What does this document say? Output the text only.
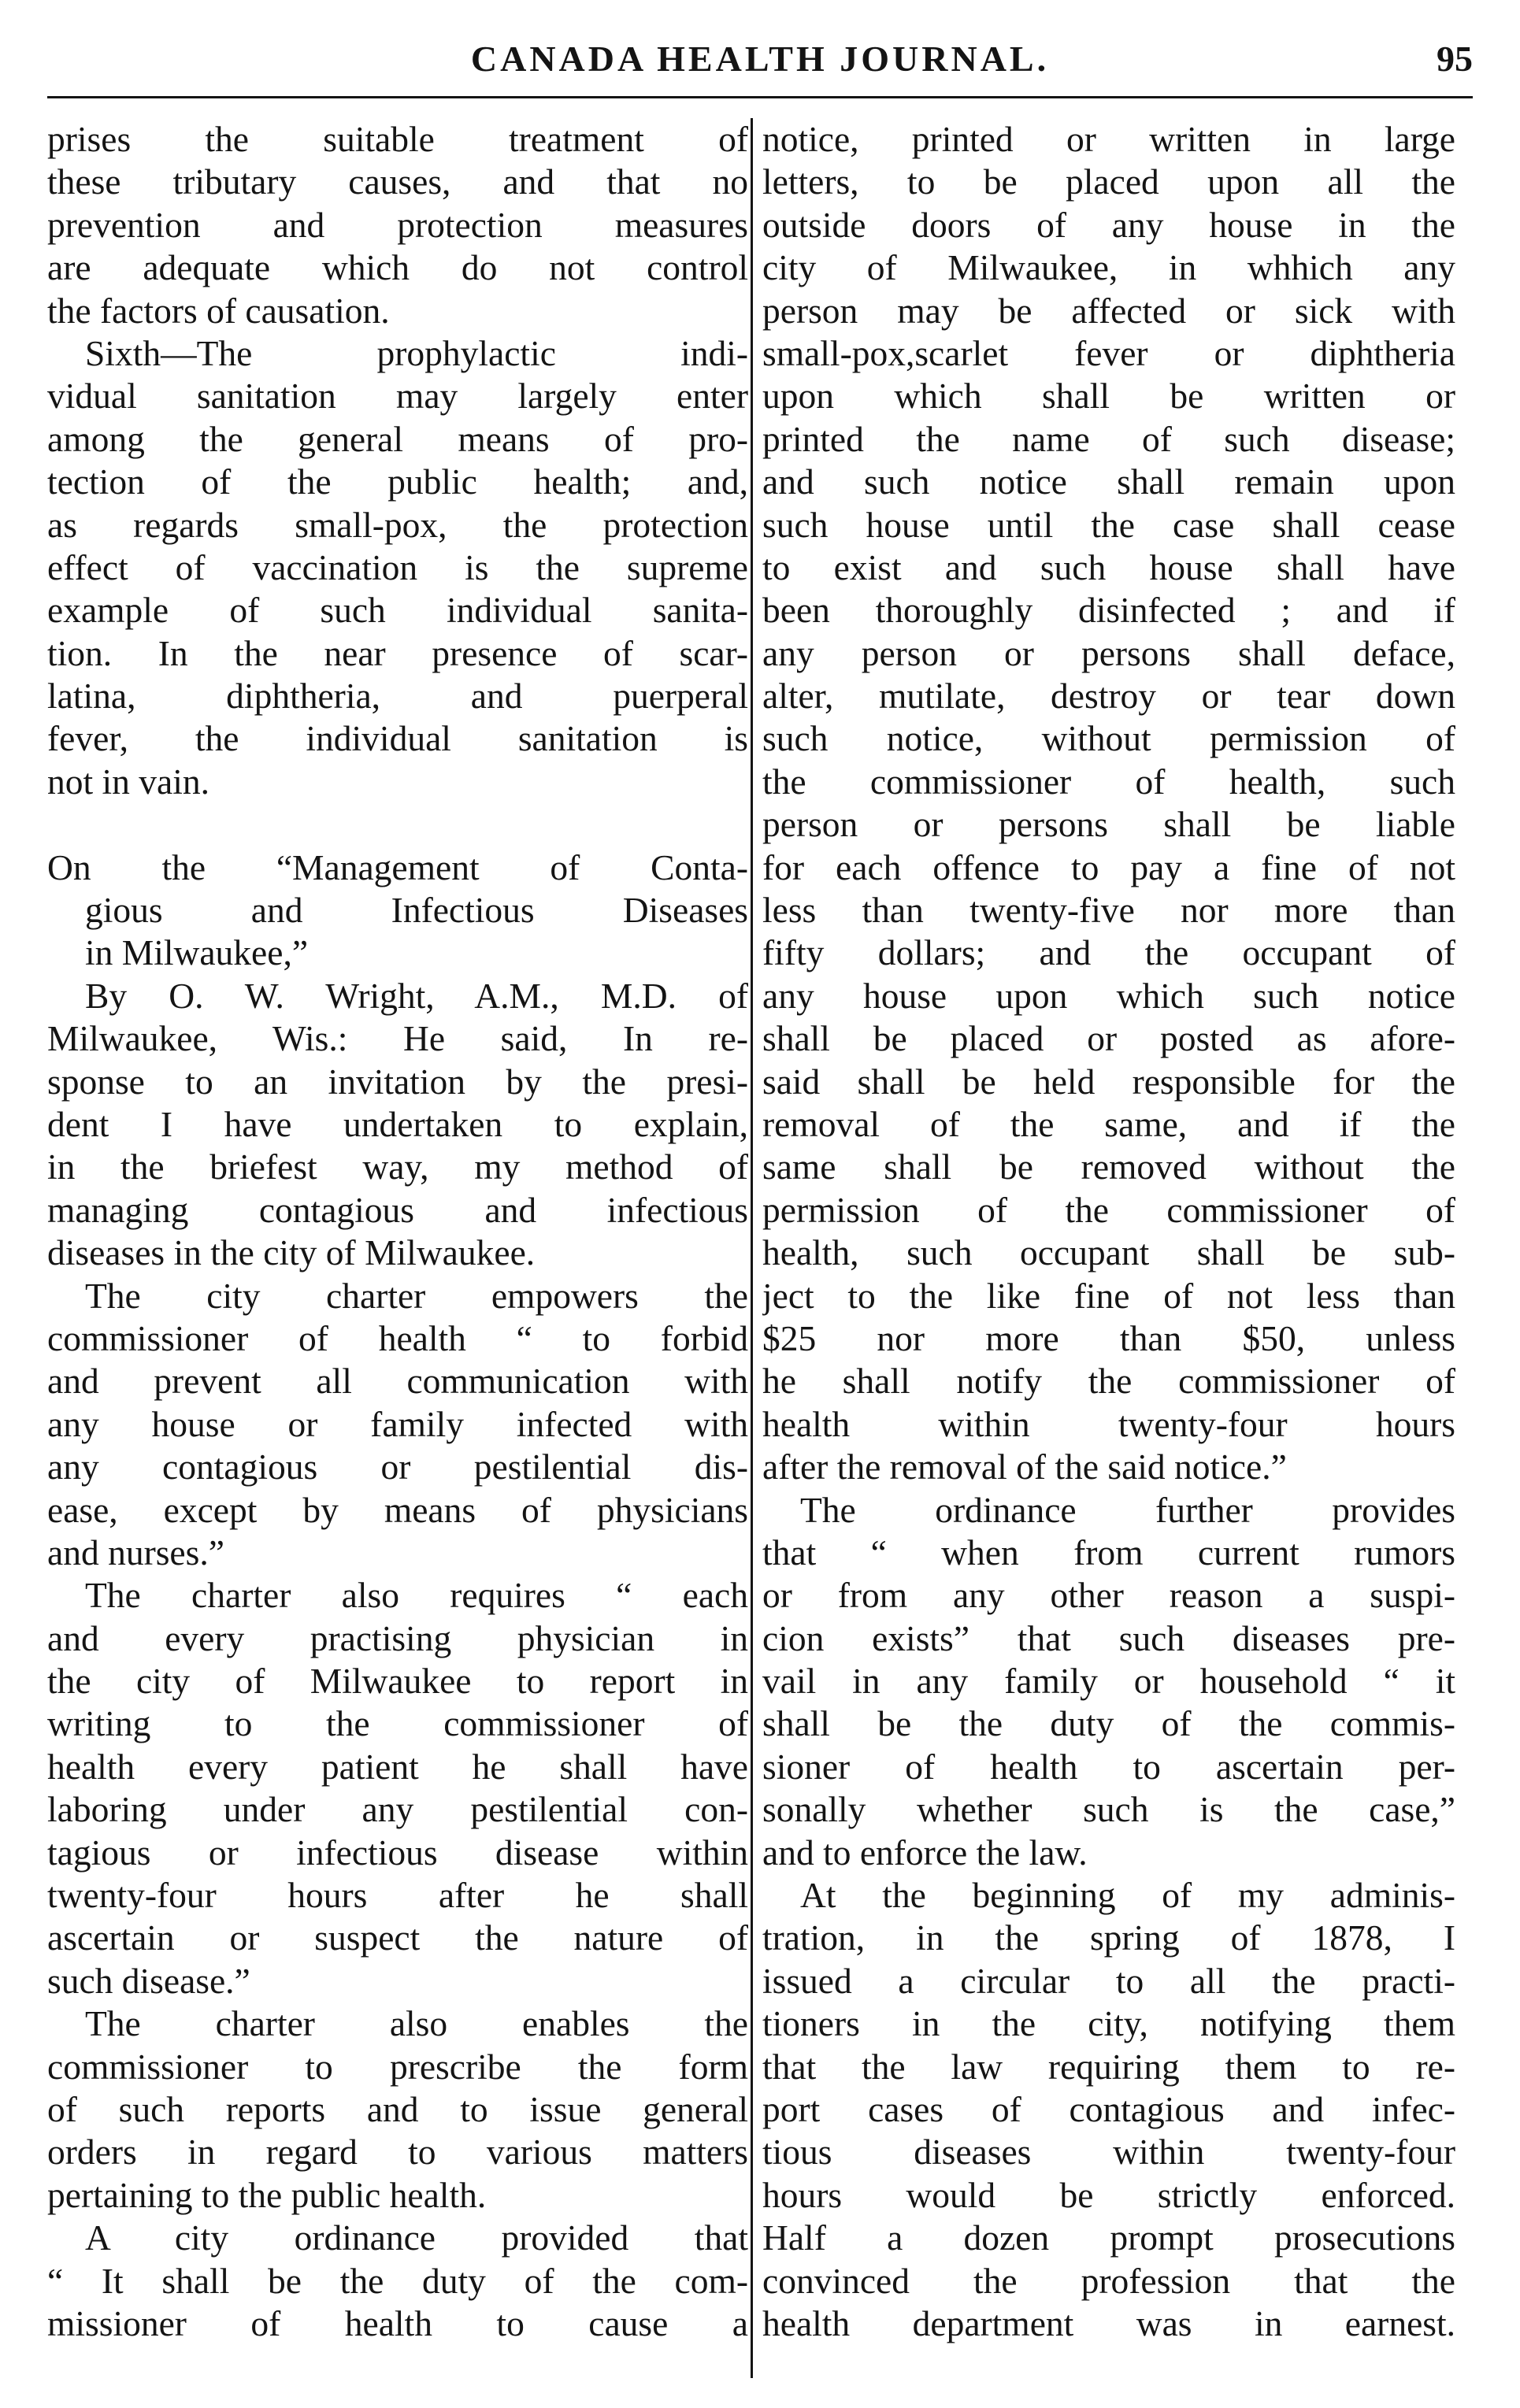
CANADA HEALTH JOURNAL.	95
prises the suitable treatment of
these tributary causes, and that no
prevention and protection measures
are adequate which do not control
the factors of causation.
Sixth—The prophylactic indi-
vidual sanitation may largely enter
among the general means of pro-
tection of the public health; and,
as regards small-pox, the protection
effect of vaccination is the supreme
example of such individual sanita-
tion. In the near presence of scar-
latina, diphtheria, and puerperal
fever, the individual sanitation is
not in vain.
On the “Management of Conta-
gious and Infectious Diseases
in Milwaukee,”
By O. W. Wright, A.M., M.D. of
Milwaukee, Wis.: He said, In re-
sponse to an invitation by the presi-
dent I have undertaken to explain,
in the briefest way, my method of
managing contagious and infectious
diseases in the city of Milwaukee.
The city charter empowers the
commissioner of health “ to forbid
and prevent all communication with
any house or family infected with
any contagious or pestilential dis-
ease, except by means of physicians
and nurses.”
The charter also requires “ each
and every practising physician in
the city of Milwaukee to report in
writing to the commissioner of
health every patient he shall have
laboring under any pestilential con-
tagious or infectious disease within
twenty-four hours after he shall
ascertain or suspect the nature of
such disease.”
The charter also enables the
commissioner to prescribe the form
of such reports and to issue general
orders in regard to various matters
pertaining to the public health.
A city ordinance provided that
“ It shall be the duty of the com-
missioner of health to cause a
notice, printed or written in large
letters, to be placed upon all the
outside doors of any house in the
city of Milwaukee, in whhich any
person may be affected or sick with
small-pox,scarlet fever or diphtheria
upon which shall be written or
printed the name of such disease;
and such notice shall remain upon
such house until the case shall cease
to exist and such house shall have
been thoroughly disinfected ; and if
any person or persons shall deface,
alter, mutilate, destroy or tear down
such notice, without permission of
the commissioner of health, such
person or persons shall be liable
for each offence to pay a fine of not
less than twenty-five nor more than
fifty dollars; and the occupant of
any house upon which such notice
shall be placed or posted as afore-
said shall be held responsible for the
removal of the same, and if the
same shall be removed without the
permission of the commissioner of
health, such occupant shall be sub-
ject to the like fine of not less than
$25 nor more than $50, unless
he shall notify the commissioner of
health within twenty-four hours
after the removal of the said notice.”
The ordinance further provides
that “ when from current rumors
or from any other reason a suspi-
cion exists” that such diseases pre-
vail in any family or household “ it
shall be the duty of the commis-
sioner of health to ascertain per-
sonally whether such is the case,”
and to enforce the law.
At the beginning of my adminis-
tration, in the spring of 1878, I
issued a circular to all the practi-
tioners in the city, notifying them
that the law requiring them to re-
port cases of contagious and infec-
tious diseases within twenty-four
hours would be strictly enforced.
Half a dozen prompt prosecutions
convinced the profession that the
health department was in earnest.
